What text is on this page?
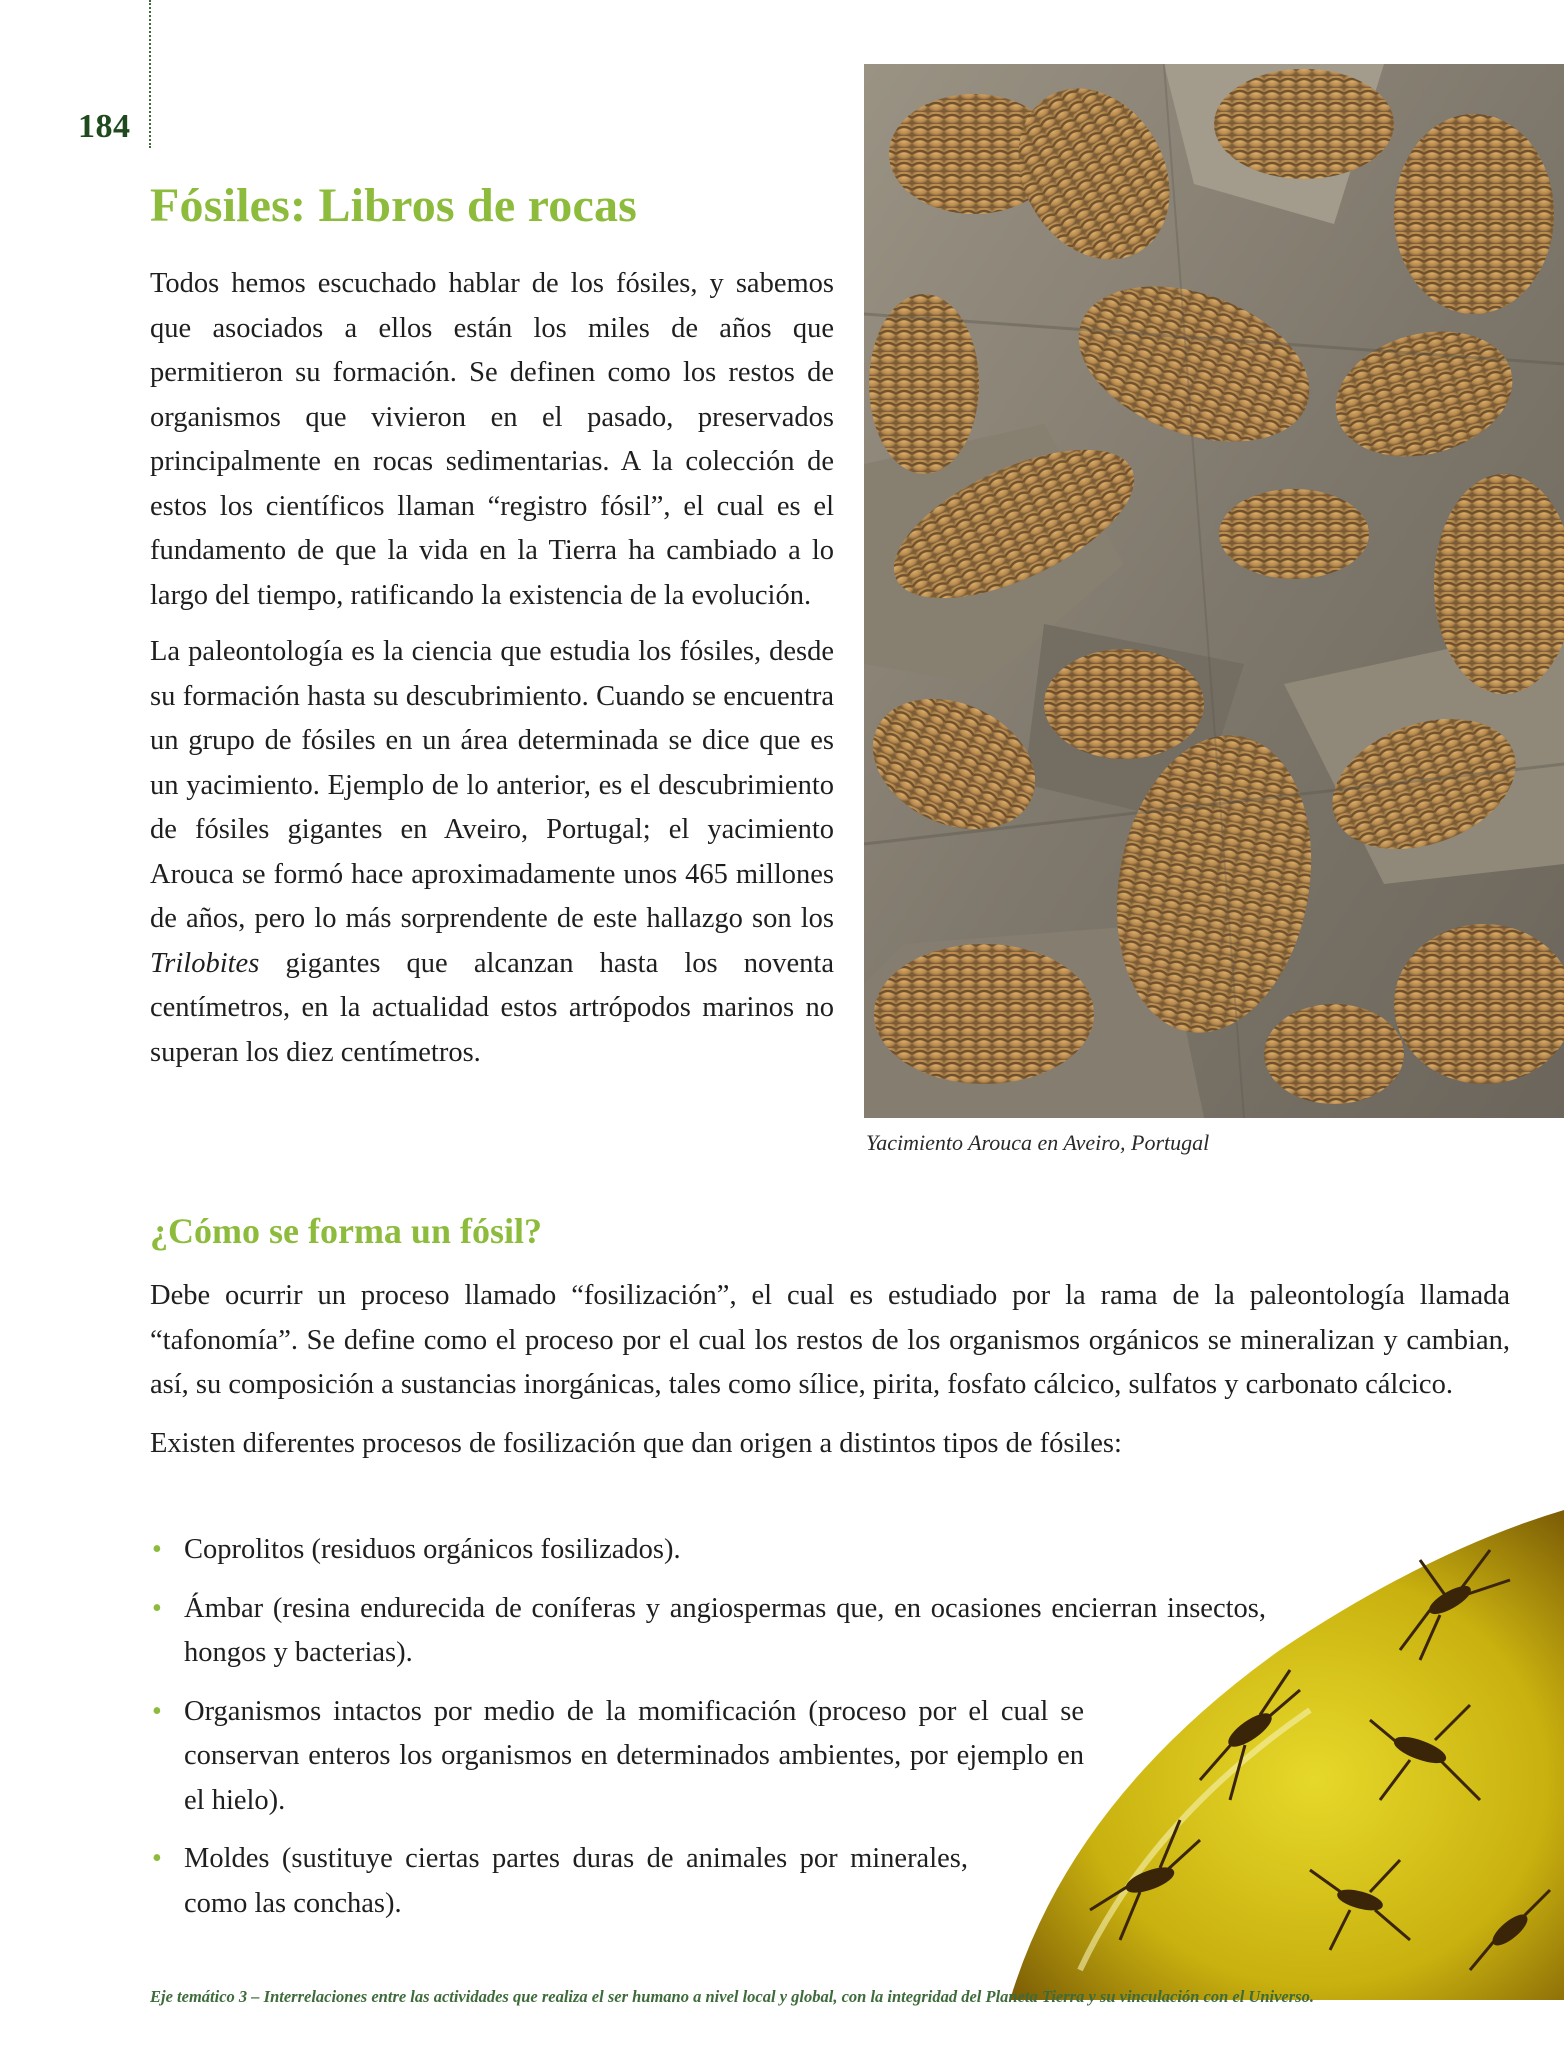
184
Fósiles: Libros de rocas

Todos hemos escuchado hablar de los fósiles, y sabemos que asociados a ellos están los miles de años que permitieron su formación. Se definen como los restos de organismos que vivieron en el pasado, preservados principalmente en rocas sedimentarias. A la colección de estos los científicos llaman “registro fósil”, el cual es el fundamento de que la vida en la Tierra ha cambiado a lo largo del tiempo, ratificando la existencia de la evolución.

La paleontología es la ciencia que estudia los fósiles, desde su formación hasta su descubrimiento. Cuando se encuentra un grupo de fósiles en un área determinada se dice que es un yacimiento. Ejemplo de lo anterior, es el descubrimiento de fósiles gigantes en Aveiro, Portugal; el yacimiento Arouca se formó hace aproximadamente unos 465 millones de años, pero lo más sorprendente de este hallazgo son los Trilobites gigantes que alcanzan hasta los noventa centímetros, en la actualidad estos artrópodos marinos no superan los diez centímetros.

Yacimiento Arouca en Aveiro, Portugal
¿Cómo se forma un fósil?

Debe ocurrir un proceso llamado “fosilización”, el cual es estudiado por la rama de la paleontología llamada “tafonomía”. Se define como el proceso por el cual los restos de los organismos orgánicos se mineralizan y cambian, así, su composición a sustancias inorgánicas, tales como sílice, pirita, fosfato cálcico, sulfatos y carbonato cálcico.

Existen diferentes procesos de fosilización que dan origen a distintos tipos de fósiles:

• Coprolitos (residuos orgánicos fosilizados).
• Ámbar (resina endurecida de coníferas y angiospermas que, en ocasiones encierran insectos, hongos y bacterias).
• Organismos intactos por medio de la momificación (proceso por el cual se conservan enteros los organismos en determinados ambientes, por ejemplo en el hielo).
• Moldes (sustituye ciertas partes duras de animales por minerales, como las conchas).
Eje temático 3 – Interrelaciones entre las actividades que realiza el ser humano a nivel local y global, con la integridad del Planeta Tierra y su vinculación con el Universo.
